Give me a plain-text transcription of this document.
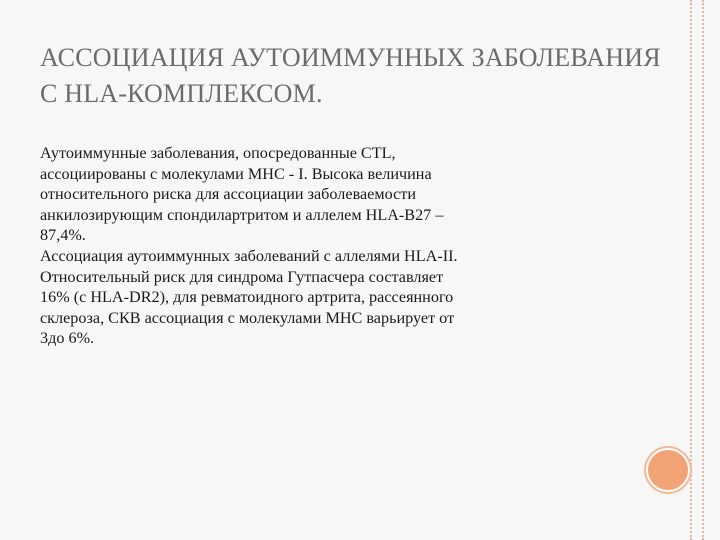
АССОЦИАЦИЯ АУТОИММУННЫХ ЗАБОЛЕВАНИЯ
С HLA-КОМПЛЕКСОМ.

Аутоиммунные заболевания, опосредованные CTL,
ассоциированы с молекулами MHC - I. Высока величина
относительного риска для ассоциации заболеваемости
анкилозирующим спондилартритом и аллелем HLA-B27 –
87,4%.

Ассоциация аутоиммунных заболеваний с аллелями HLA-II.
Относительный риск для синдрома Гутпасчера составляет
16% (с HLA-DR2), для ревматоидного артрита, рассеянного
склероза, СКВ ассоциация с молекулами MHC варьирует от
3до 6%.
